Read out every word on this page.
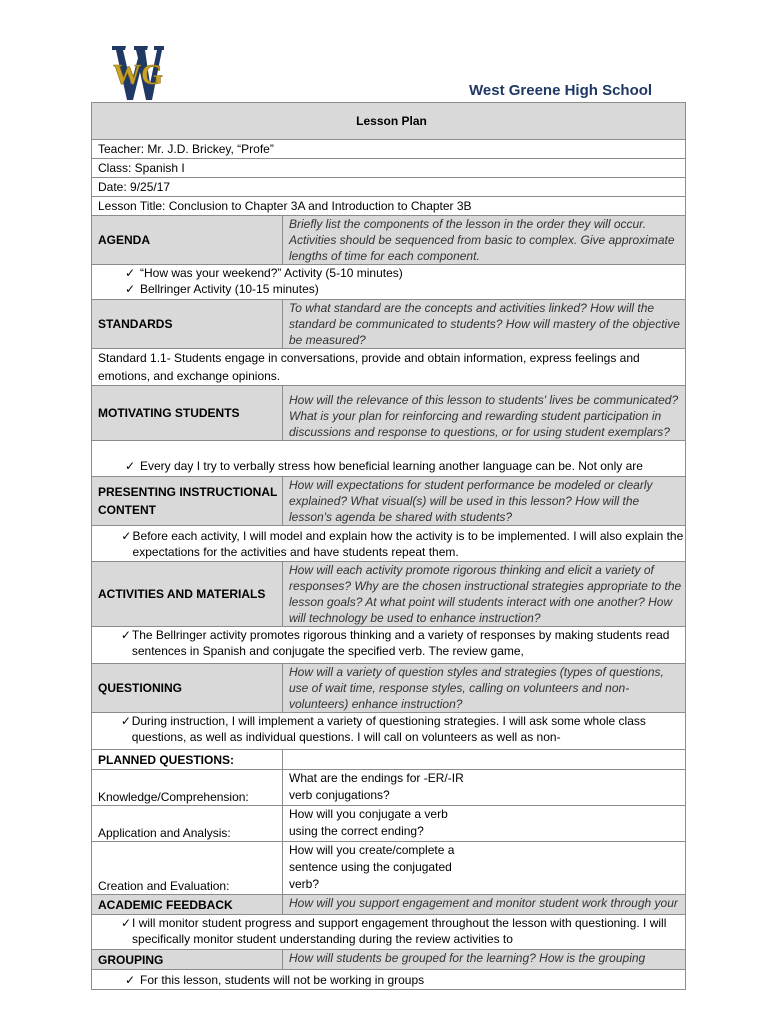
WG	West Greene High School
Lesson Plan	
Teacher: Mr. J.D. Brickey, “Profe”	
Class: Spanish I	
Date: 9/25/17	
Lesson Title: Conclusion to Chapter 3A and Introduction to Chapter 3B	
AGENDA	Briefly list the components of the lesson in the order they will occur. Activities should be sequenced from basic to complex. Give approximate lengths of time for each component.

✓ “How was your weekend?” Activity (5-10 minutes)
✓ Bellringer Activity (10-15 minutes)	

STANDARDS	To what standard are the concepts and activities linked? How will the standard be communicated to students? How will mastery of the objective be measured?
Standard 1.1- Students engage in conversations, provide and obtain information, express feelings and emotions, and exchange opinions.	
MOTIVATING STUDENTS	How will the relevance of this lesson to students' lives be communicated? What is your plan for reinforcing and rewarding student participation in discussions and response to questions, or for using student exemplars?

✓ Every day I try to verbally stress how beneficial learning another language can be. Not only are	

PRESENTING INSTRUCTIONAL CONTENT	How will expectations for student performance be modeled or clearly explained? What visual(s) will be used in this lesson? How will the lesson's agenda be shared with students?

✓ Before each activity, I will model and explain how the activity is to be implemented. I will also explain the expectations for the activities and have students repeat them.	

ACTIVITIES AND MATERIALS	How will each activity promote rigorous thinking and elicit a variety of responses? Why are the chosen instructional strategies appropriate to the lesson goals? At what point will students interact with one another? How will technology be used to enhance instruction?

✓ The Bellringer activity promotes rigorous thinking and a variety of responses by making students read sentences in Spanish and conjugate the specified verb. The review game,	

QUESTIONING	How will a variety of question styles and strategies (types of questions, use of wait time, response styles, calling on volunteers and non-volunteers) enhance instruction?

✓ During instruction, I will implement a variety of questioning strategies. I will ask some whole class questions, as well as individual questions. I will call on volunteers as well as non-	

PLANNED QUESTIONS:	
Knowledge/Comprehension:	What are the endings for -ER/-IR verb conjugations?

Application and Analysis:	How will you conjugate a verb using the correct ending?

Creation and Evaluation:	How will you create/complete a sentence using the conjugated verb?

ACADEMIC FEEDBACK	How will you support engagement and monitor student work through your

✓ I will monitor student progress and support engagement throughout the lesson with questioning. I will specifically monitor student understanding during the review activities to	

GROUPING	How will students be grouped for the learning? How is the grouping

✓ For this lesson, students will not be working in groups	
